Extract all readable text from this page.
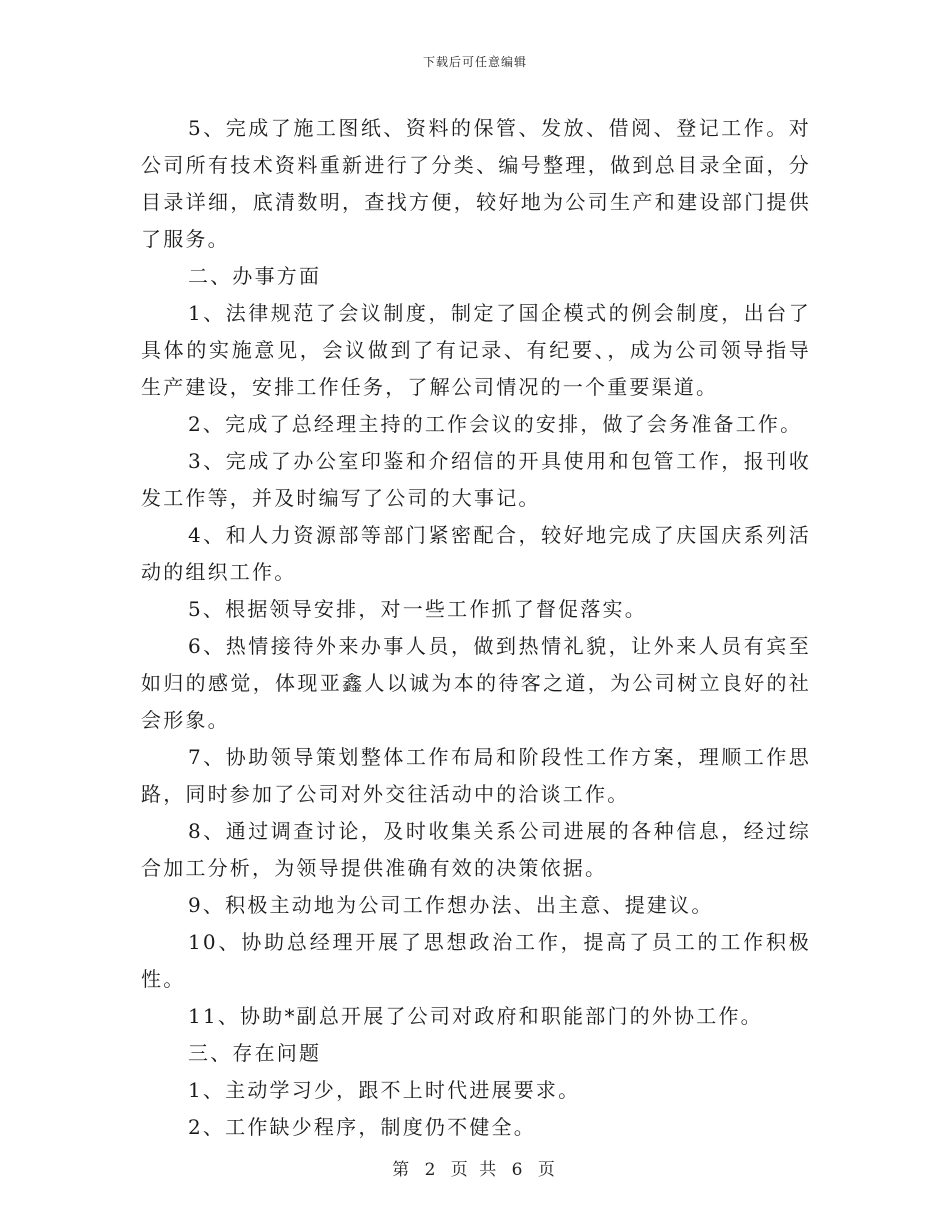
下载后可任意编辑

5、完成了施工图纸、资料的保管、发放、借阅、登记工作。对公司所有技术资料重新进行了分类、编号整理，做到总目录全面，分目录详细，底清数明，查找方便，较好地为公司生产和建设部门提供了服务。

二、办事方面

1、法律规范了会议制度，制定了国企模式的例会制度，出台了具体的实施意见，会议做到了有记录、有纪要、，成为公司领导指导生产建设，安排工作任务，了解公司情况的一个重要渠道。

2、完成了总经理主持的工作会议的安排，做了会务准备工作。

3、完成了办公室印鉴和介绍信的开具使用和包管工作，报刊收发工作等，并及时编写了公司的大事记。

4、和人力资源部等部门紧密配合，较好地完成了庆国庆系列活动的组织工作。

5、根据领导安排，对一些工作抓了督促落实。

6、热情接待外来办事人员，做到热情礼貌，让外来人员有宾至如归的感觉，体现亚鑫人以诚为本的待客之道，为公司树立良好的社会形象。

7、协助领导策划整体工作布局和阶段性工作方案，理顺工作思路，同时参加了公司对外交往活动中的洽谈工作。

8、通过调查讨论，及时收集关系公司进展的各种信息，经过综合加工分析，为领导提供准确有效的决策依据。

9、积极主动地为公司工作想办法、出主意、提建议。

10、协助总经理开展了思想政治工作，提高了员工的工作积极性。

11、协助*副总开展了公司对政府和职能部门的外协工作。

三、存在问题

1、主动学习少，跟不上时代进展要求。

2、工作缺少程序，制度仍不健全。

第 2 页 共 6 页
